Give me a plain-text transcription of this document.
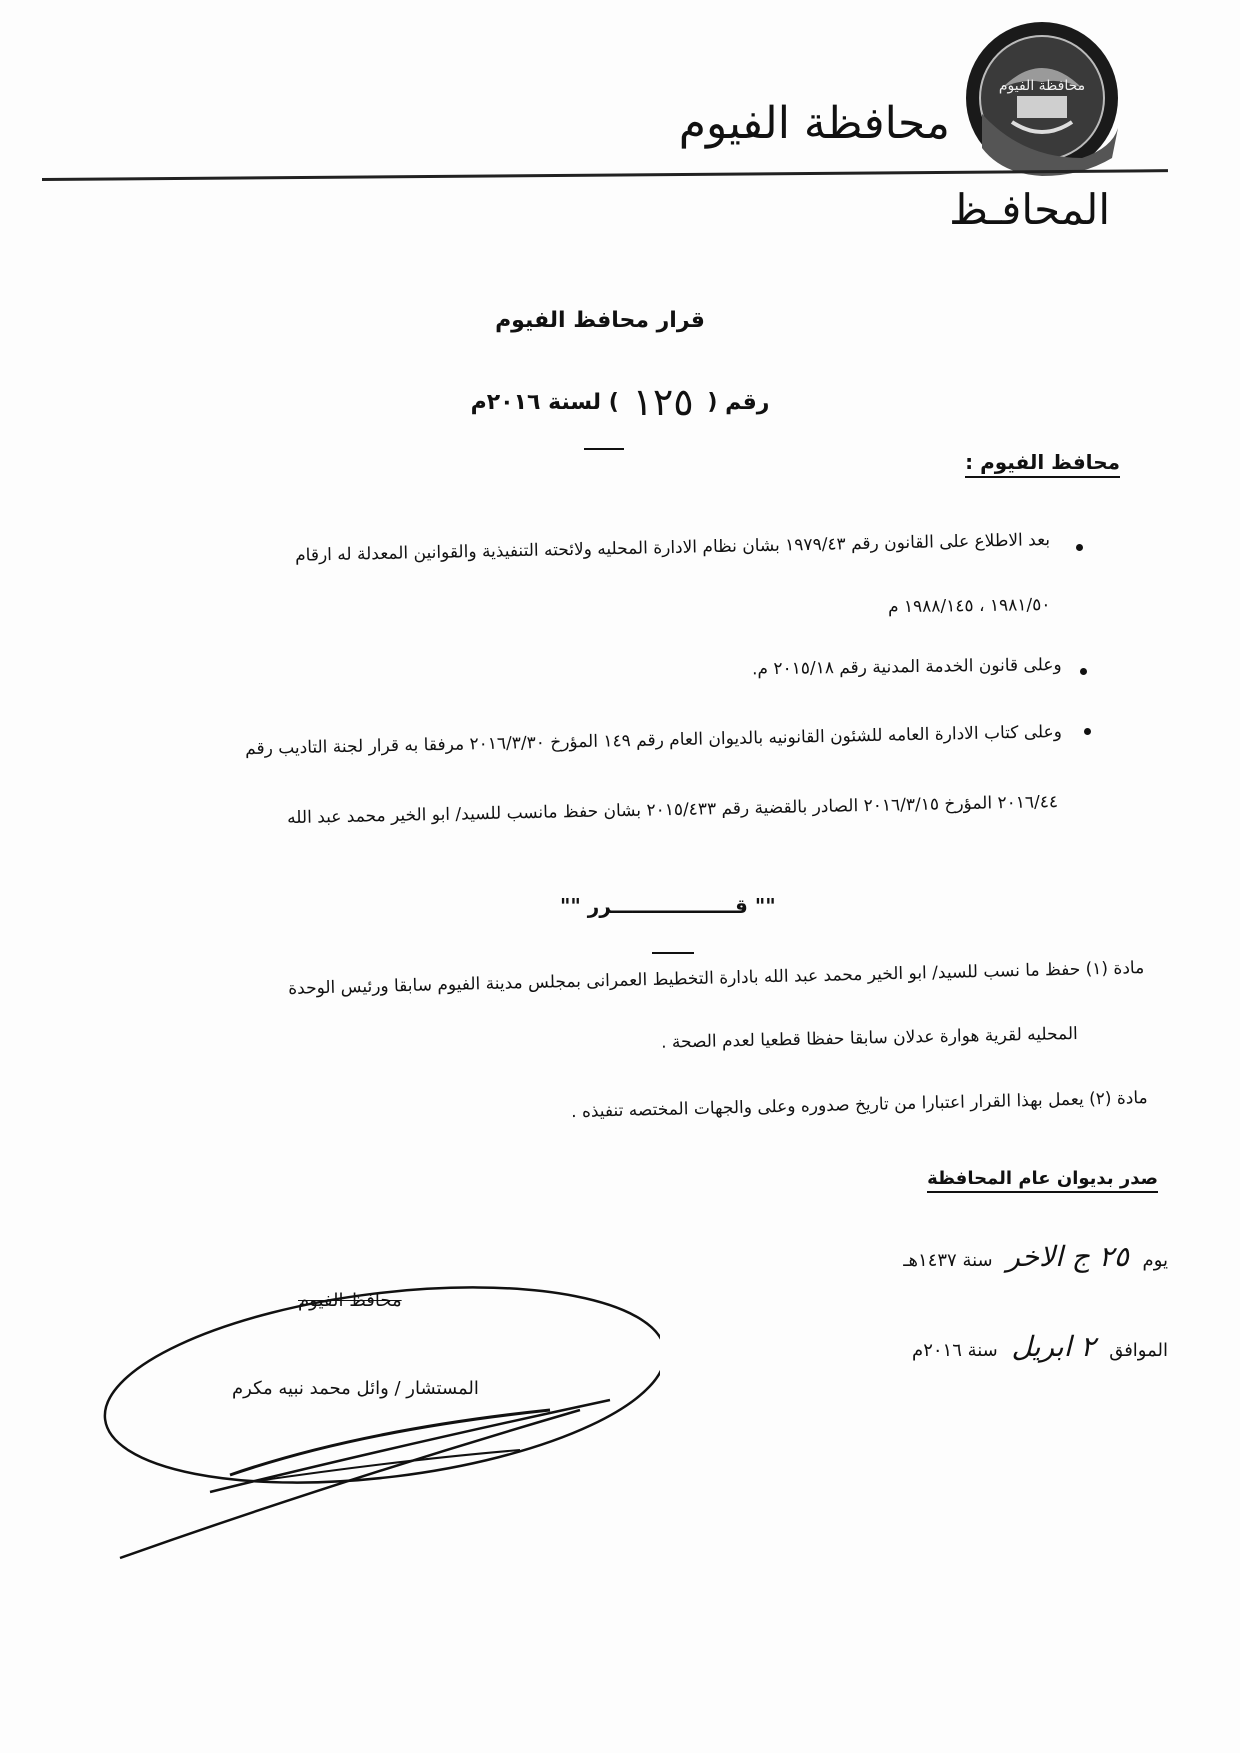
محافظة الفيوم
محافظة الفيوم
المحافـظ
قرار محافظ الفيوم
رقم ( ١٢٥ ) لسنة ٢٠١٦م
محافظ الفيوم :
بعد الاطلاع على القانون رقم ١٩٧٩/٤٣ بشان نظام الادارة المحليه ولائحته التنفيذية والقوانين المعدلة له ارقام
١٩٨١/٥٠ ، ١٩٨٨/١٤٥ م
وعلى قانون الخدمة المدنية رقم ٢٠١٥/١٨ م.
وعلى كتاب الادارة العامه للشئون القانونيه بالديوان العام رقم ١٤٩ المؤرخ ٢٠١٦/٣/٣٠ مرفقا به قرار لجنة التاديب رقم
٢٠١٦/٤٤ المؤرخ ٢٠١٦/٣/١٥ الصادر بالقضية رقم ٢٠١٥/٤٣٣ بشان حفظ مانسب للسيد/ ابو الخير محمد عبد الله
"" قــــــــــــــــــرر ""
مادة (١) حفظ ما نسب للسيد/ ابو الخير محمد عبد الله بادارة التخطيط العمرانى بمجلس مدينة الفيوم سابقا ورئيس الوحدة
المحليه لقرية هوارة عدلان سابقا حفظا قطعيا لعدم الصحة .
مادة (٢) يعمل بهذا القرار اعتبارا من تاريخ صدوره وعلى والجهات المختصه تنفيذه .
صدر بديوان عام المحافظة
يوم ٢٥ ج الاخر سنة ١٤٣٧هـ
الموافق ٢ ابريل سنة ٢٠١٦م
محافظ الفيوم
المستشار / وائل محمد نبيه مكرم
